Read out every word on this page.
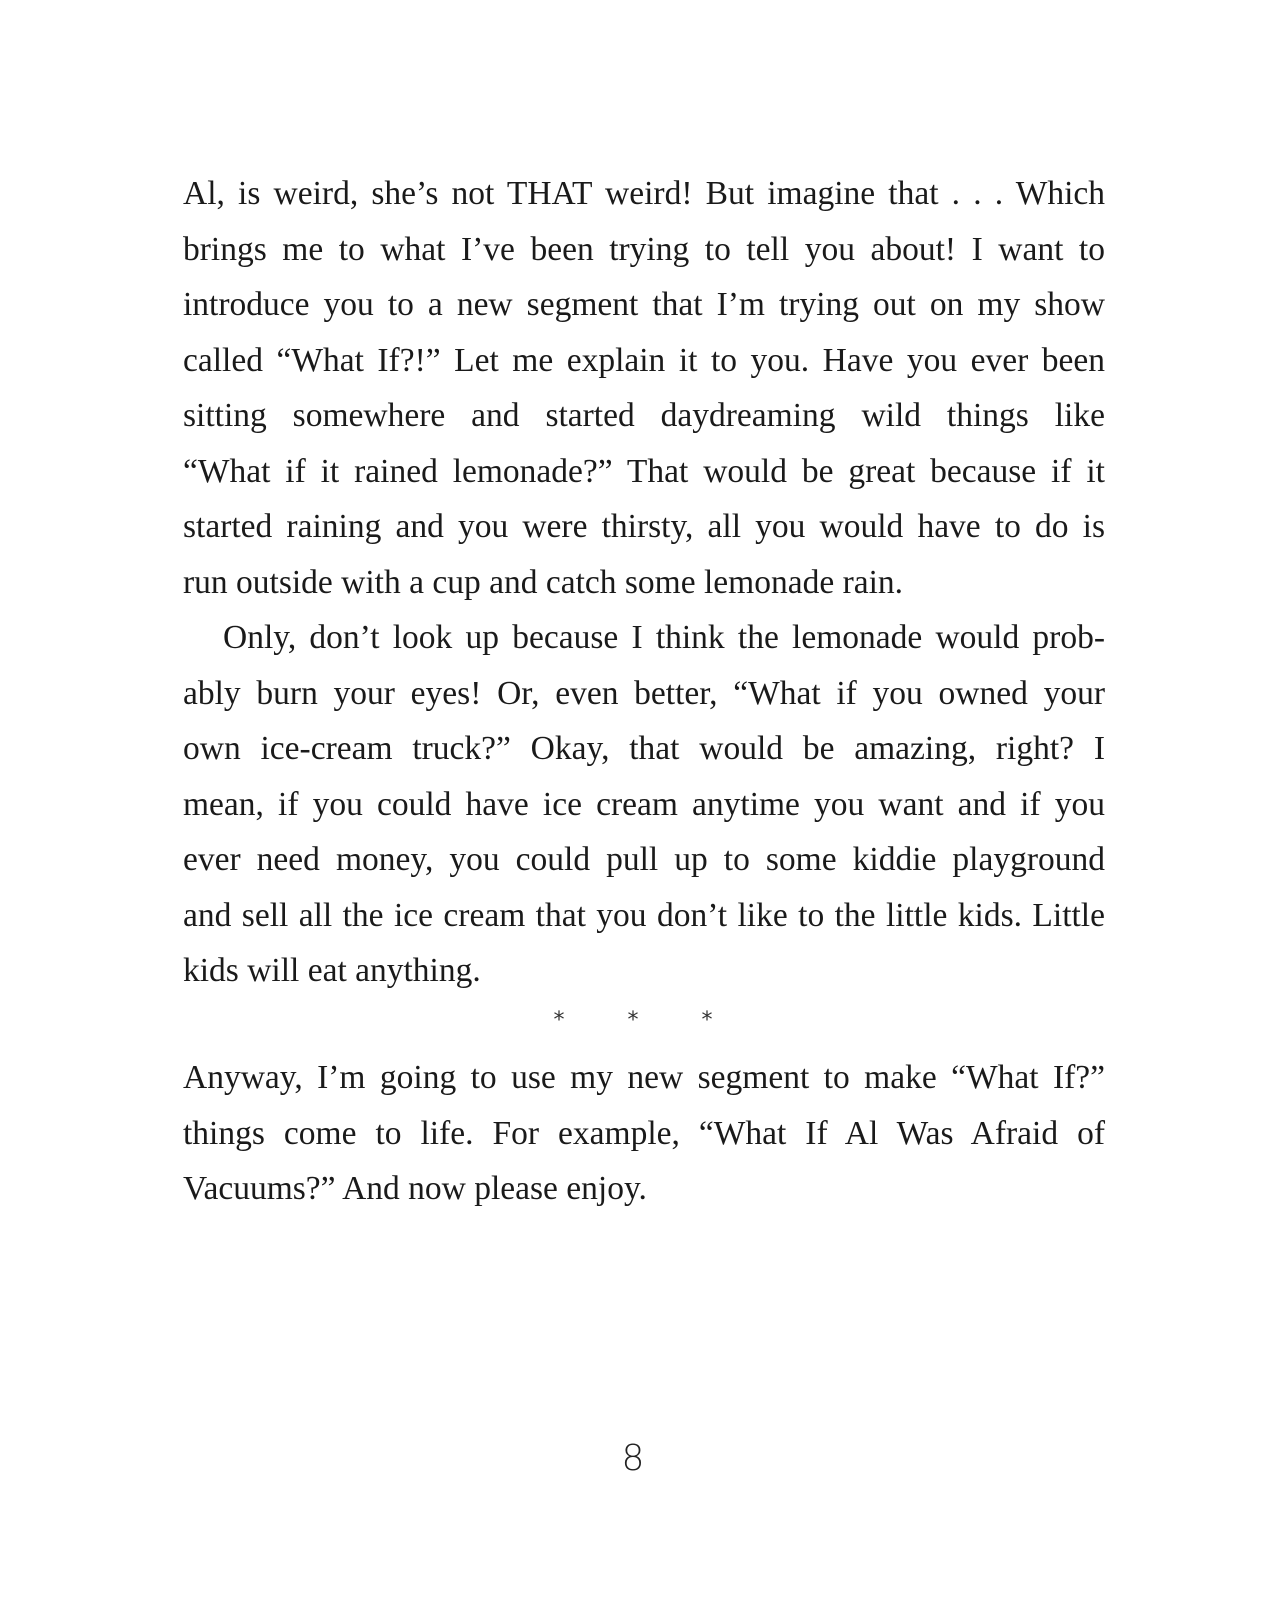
Al, is weird, she’s not THAT weird! But imagine that . . . Which
brings me to what I’ve been trying to tell you about! I want to
introduce you to a new segment that I’m trying out on my show
called “What If?!” Let me explain it to you. Have you ever been
sitting somewhere and started daydreaming wild things like
“What if it rained lemonade?” That would be great because if it
started raining and you were thirsty, all you would have to do is
run outside with a cup and catch some lemonade rain.
Only, don’t look up because I think the lemonade would prob-
ably burn your eyes! Or, even better, “What if you owned your
own ice-cream truck?” Okay, that would be amazing, right? I
mean, if you could have ice cream anytime you want and if you
ever need money, you could pull up to some kiddie playground
and sell all the ice cream that you don’t like to the little kids. Little
kids will eat anything.
* * *
Anyway, I’m going to use my new segment to make “What If?”
things come to life. For example, “What If Al Was Afraid of
Vacuums?” And now please enjoy.
8
